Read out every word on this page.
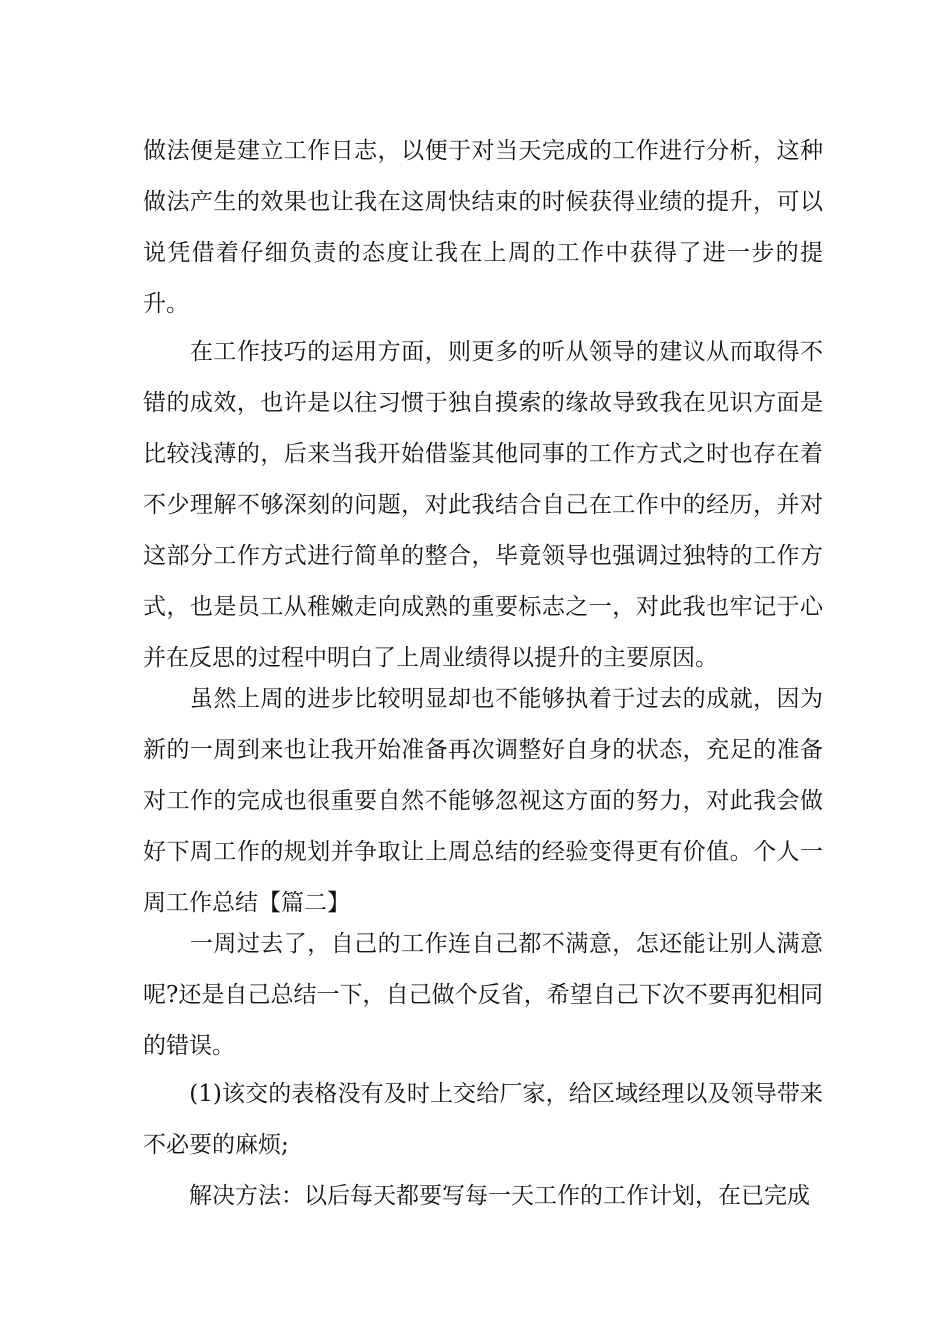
做法便是建立工作日志，以便于对当天完成的工作进行分析，这种做法产生的效果也让我在这周快结束的时候获得业绩的提升，可以说凭借着仔细负责的态度让我在上周的工作中获得了进一步的提升。
　　在工作技巧的运用方面，则更多的听从领导的建议从而取得不错的成效，也许是以往习惯于独自摸索的缘故导致我在见识方面是比较浅薄的，后来当我开始借鉴其他同事的工作方式之时也存在着不少理解不够深刻的问题，对此我结合自己在工作中的经历，并对这部分工作方式进行简单的整合，毕竟领导也强调过独特的工作方式，也是员工从稚嫩走向成熟的重要标志之一，对此我也牢记于心并在反思的过程中明白了上周业绩得以提升的主要原因。
　　虽然上周的进步比较明显却也不能够执着于过去的成就，因为新的一周到来也让我开始准备再次调整好自身的状态，充足的准备对工作的完成也很重要自然不能够忽视这方面的努力，对此我会做好下周工作的规划并争取让上周总结的经验变得更有价值。个人一周工作总结【篇二】
　　一周过去了，自己的工作连自己都不满意，怎还能让别人满意呢?还是自己总结一下，自己做个反省，希望自己下次不要再犯相同的错误。
　　(1)该交的表格没有及时上交给厂家，给区域经理以及领导带来不必要的麻烦;
　　解决方法：以后每天都要写每一天工作的工作计划，在已完成
